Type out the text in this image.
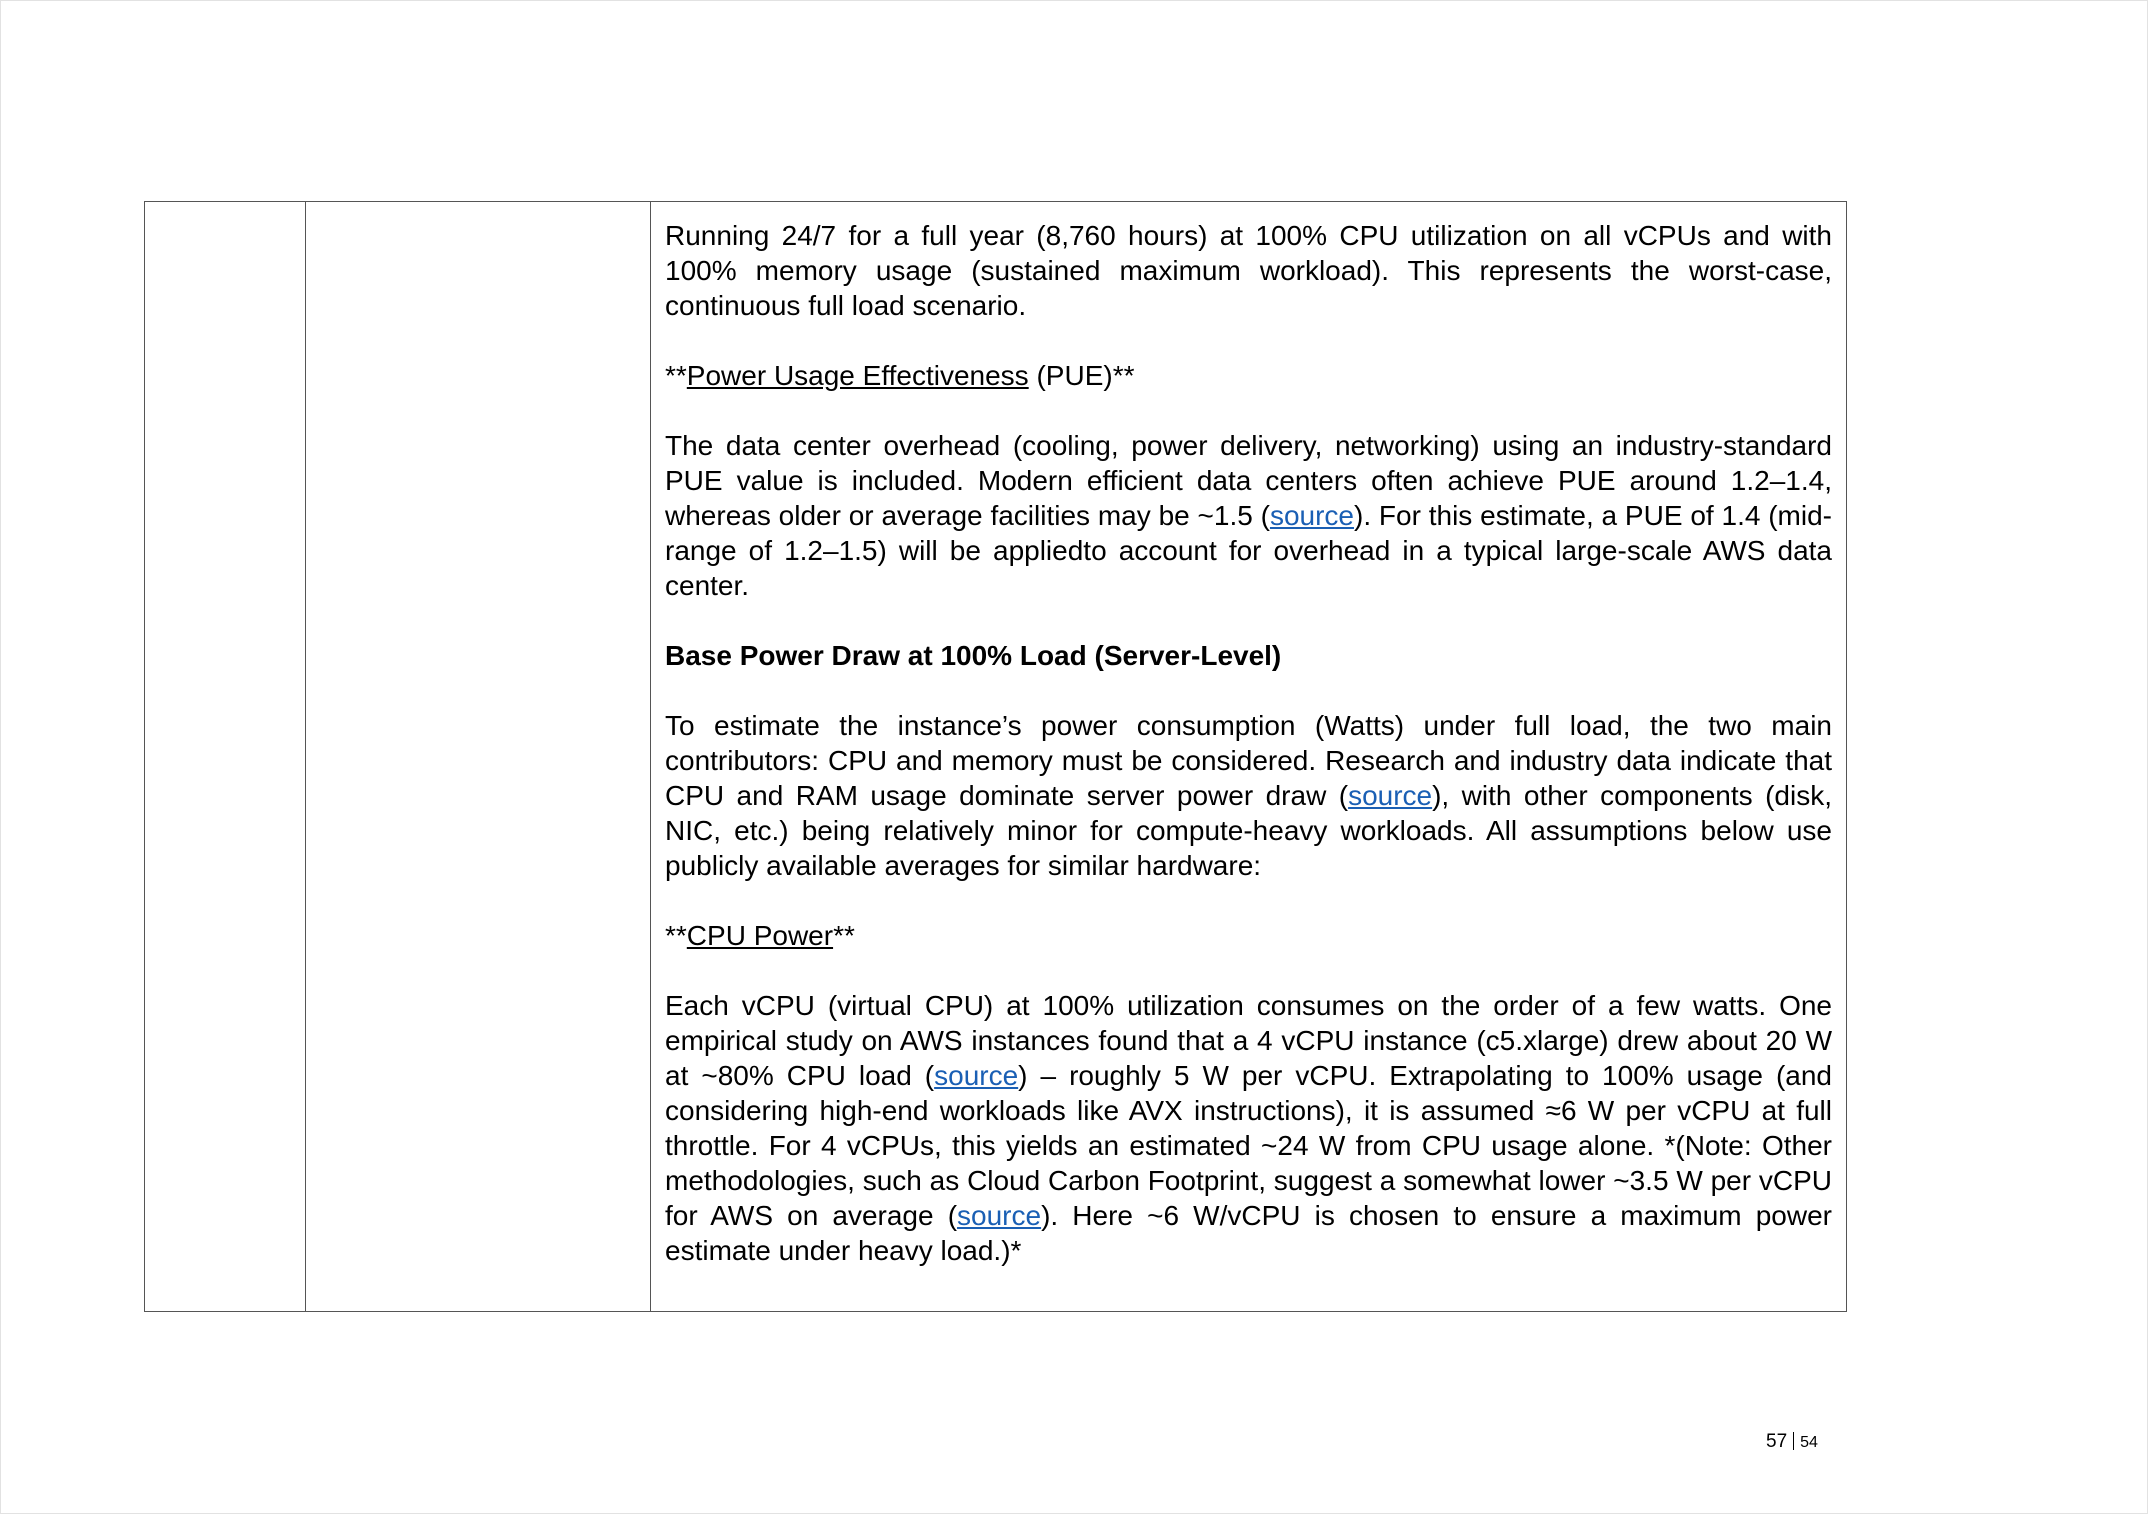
Running 24/7 for a full year (8,760 hours) at 100% CPU utilization on all vCPUs and with 100% memory usage (sustained maximum workload). This represents the worst-case, continuous full load scenario.

**Power Usage Effectiveness (PUE)**

The data center overhead (cooling, power delivery, networking) using an industry-standard PUE value is included. Modern efficient data centers often achieve PUE around 1.2–1.4, whereas older or average facilities may be ~1.5 (source). For this estimate, a PUE of 1.4 (mid-range of 1.2–1.5) will be appliedto account for overhead in a typical large-scale AWS data center.

Base Power Draw at 100% Load (Server-Level)

To estimate the instance’s power consumption (Watts) under full load, the two main contributors: CPU and memory must be considered. Research and industry data indicate that CPU and RAM usage dominate server power draw (source), with other components (disk, NIC, etc.) being relatively minor for compute-heavy workloads. All assumptions below use publicly available averages for similar hardware:

**CPU Power**

Each vCPU (virtual CPU) at 100% utilization consumes on the order of a few watts. One empirical study on AWS instances found that a 4 vCPU instance (c5.xlarge) drew about 20 W at ~80% CPU load (source) – roughly 5 W per vCPU. Extrapolating to 100% usage (and considering high-end workloads like AVX instructions), it is assumed ≈6 W per vCPU at full throttle. For 4 vCPUs, this yields an estimated ~24 W from CPU usage alone. *(Note: Other methodologies, such as Cloud Carbon Footprint, suggest a somewhat lower ~3.5 W per vCPU for AWS on average (source). Here ~6 W/vCPU is chosen to ensure a maximum power estimate under heavy load.)*

57 54
